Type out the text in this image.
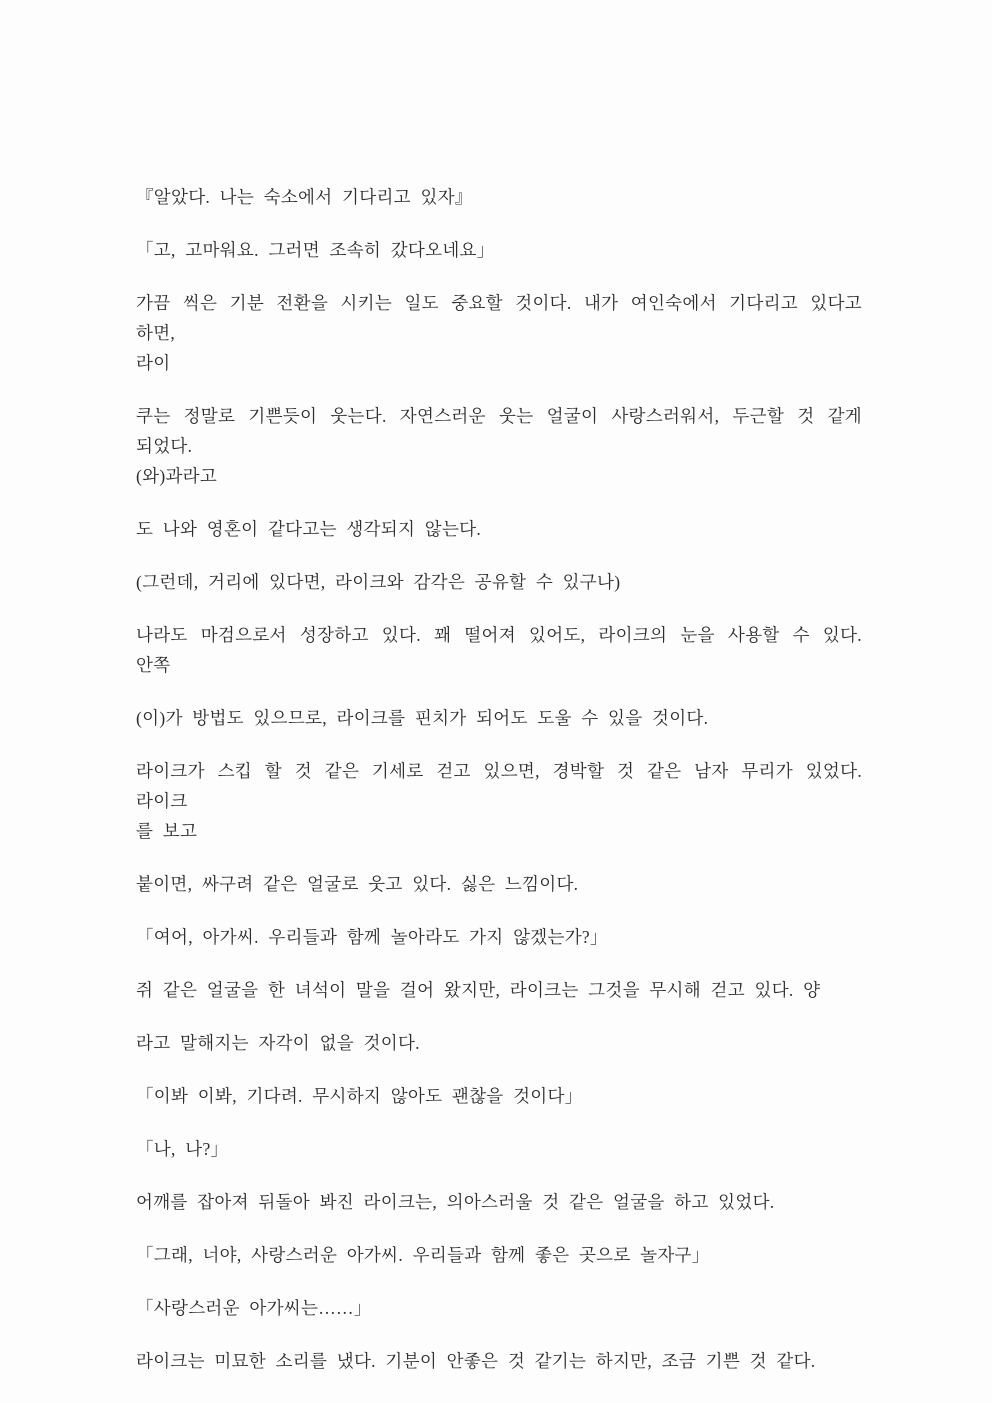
『알았다. 나는 숙소에서 기다리고 있자』

「고, 고마워요. 그러면 조속히 갔다오네요」

가끔 씩은 기분 전환을 시키는 일도 중요할 것이다. 내가 여인숙에서 기다리고 있다고 하면,
라이

쿠는 정말로 기쁜듯이 웃는다. 자연스러운 웃는 얼굴이 사랑스러워서, 두근할 것 같게 되었다.
(와)과라고

도 나와 영혼이 같다고는 생각되지 않는다.

(그런데, 거리에 있다면, 라이크와 감각은 공유할 수 있구나)

나라도 마검으로서 성장하고 있다. 꽤 떨어져 있어도, 라이크의 눈을 사용할 수 있다. 안쪽

(이)가 방법도 있으므로, 라이크를 핀치가 되어도 도울 수 있을 것이다.

라이크가 스킵 할 것 같은 기세로 걷고 있으면, 경박할 것 같은 남자 무리가 있었다. 라이크
를 보고

붙이면, 싸구려 같은 얼굴로 웃고 있다. 싫은 느낌이다.

「여어, 아가씨. 우리들과 함께 놀아라도 가지 않겠는가?」

쥐 같은 얼굴을 한 녀석이 말을 걸어 왔지만, 라이크는 그것을 무시해 걷고 있다. 양

라고 말해지는 자각이 없을 것이다.

「이봐 이봐, 기다려. 무시하지 않아도 괜찮을 것이다」

「나, 나?」

어깨를 잡아져 뒤돌아 봐진 라이크는, 의아스러울 것 같은 얼굴을 하고 있었다.

「그래, 너야, 사랑스러운 아가씨. 우리들과 함께 좋은 곳으로 놀자구」

「사랑스러운 아가씨는……」

라이크는 미묘한 소리를 냈다. 기분이 안좋은 것 같기는 하지만, 조금 기쁜 것 같다.
